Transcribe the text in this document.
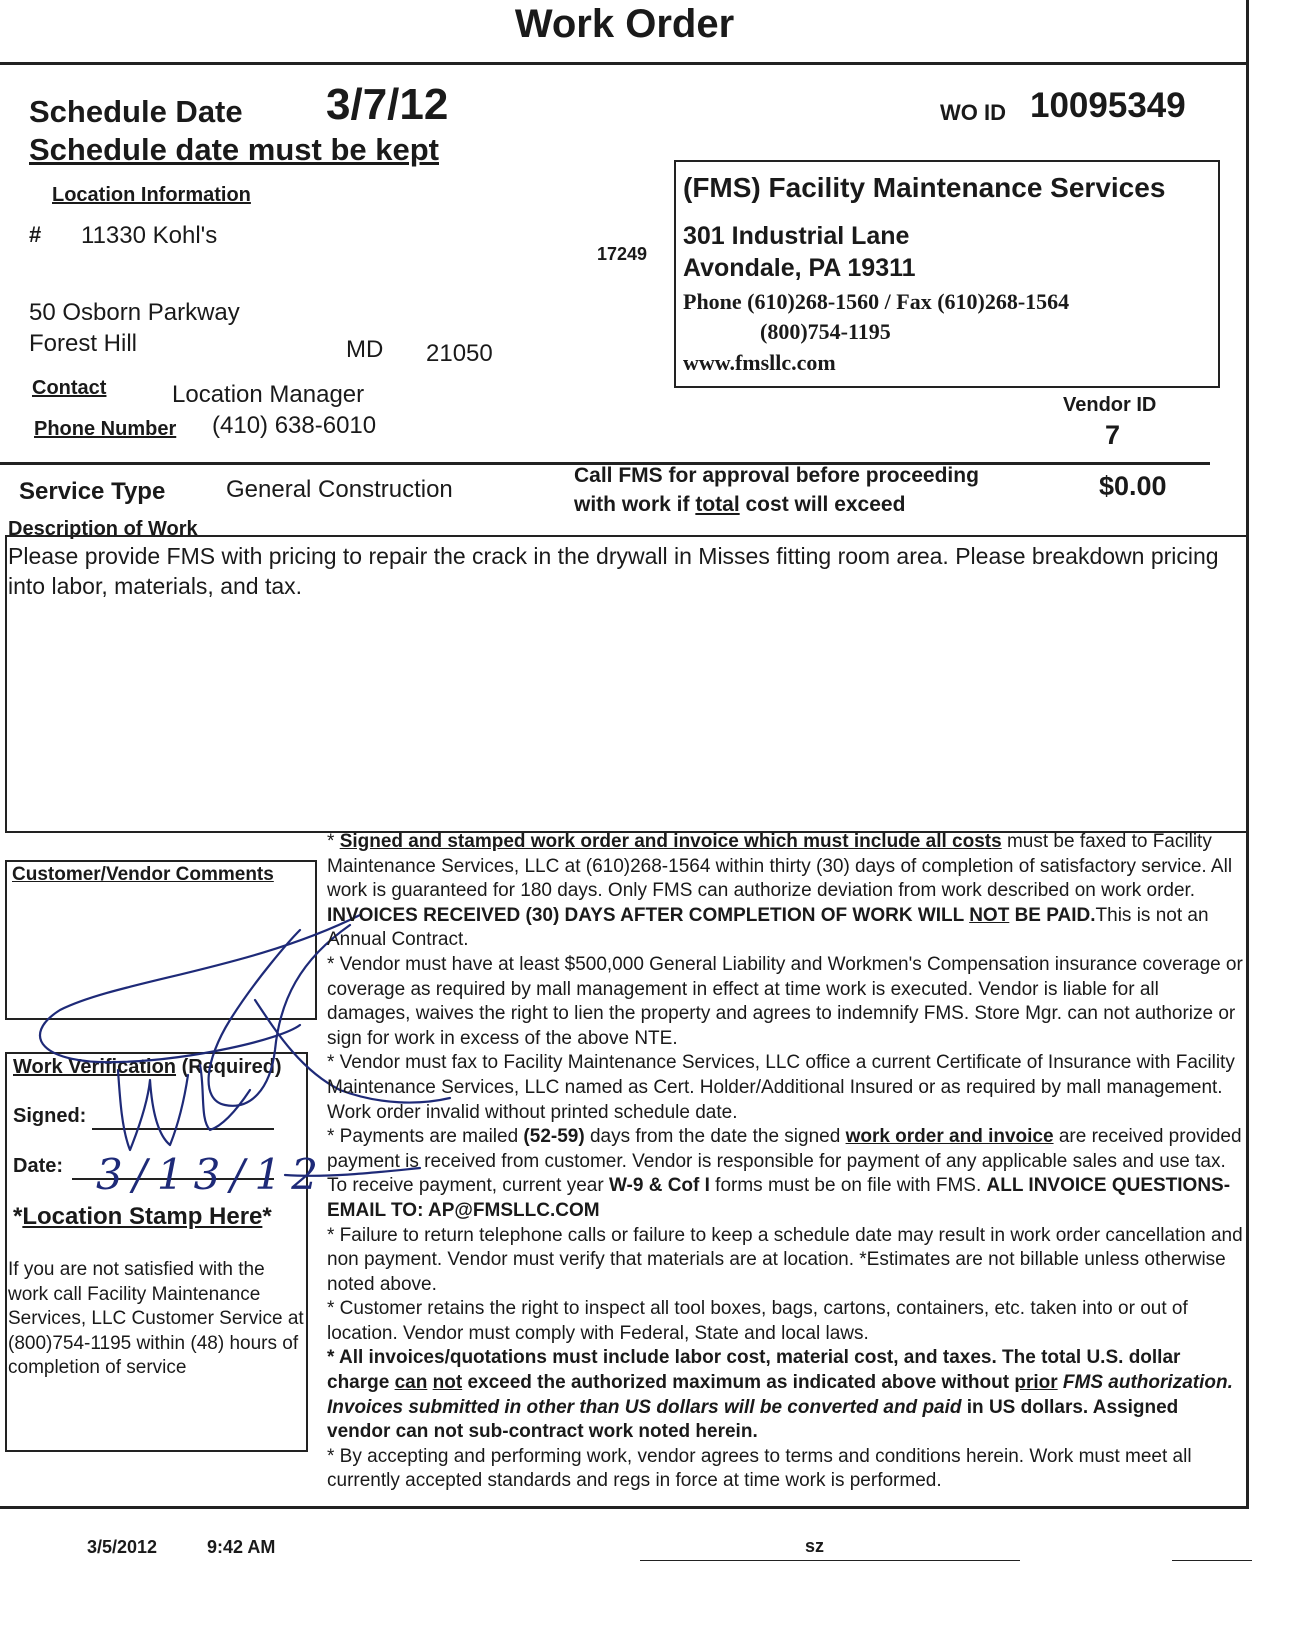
Work Order
Schedule Date 3/7/12
Schedule date must be kept
WO ID 10095349
Location Information
# 11330 Kohl's
17249
50 Osborn Parkway
Forest Hill	MD 21050
Contact	Location Manager
Phone Number (410) 638-6010
(FMS) Facility Maintenance Services
301 Industrial Lane
Avondale, PA 19311
Phone (610)268-1560 / Fax (610)268-1564
(800)754-1195
www.fmsllc.com
Vendor ID
7
Service Type	General Construction
Call FMS for approval before proceeding
with work if total cost will exceed
$0.00
Description of Work
Please provide FMS with pricing to repair the crack in the drywall in Misses fitting room area. Please breakdown pricing into labor, materials, and tax.
Customer/Vendor Comments
Work Verification (Required)
Signed:
Date:
*Location Stamp Here*
If you are not satisfied with the work call Facility Maintenance Services, LLC Customer Service at (800)754-1195 within (48) hours of completion of service
3/13/12

* Signed and stamped work order and invoice which must include all costs must be faxed to Facility Maintenance Services, LLC at (610)268-1564 within thirty (30) days of completion of satisfactory service. All work is guaranteed for 180 days. Only FMS can authorize deviation from work described on work order. INVOICES RECEIVED (30) DAYS AFTER COMPLETION OF WORK WILL NOT BE PAID.This is not an Annual Contract.

* Vendor must have at least $500,000 General Liability and Workmen's Compensation insurance coverage or coverage as required by mall management in effect at time work is executed. Vendor is liable for all damages, waives the right to lien the property and agrees to indemnify FMS. Store Mgr. can not authorize or sign for work in excess of the above NTE.

* Vendor must fax to Facility Maintenance Services, LLC office a current Certificate of Insurance with Facility Maintenance Services, LLC named as Cert. Holder/Additional Insured or as required by mall management. Work order invalid without printed schedule date.

* Payments are mailed (52-59) days from the date the signed work order and invoice are received provided payment is received from customer. Vendor is responsible for payment of any applicable sales and use tax. To receive payment, current year W-9 & Cof I forms must be on file with FMS. ALL INVOICE QUESTIONS-EMAIL TO: AP@FMSLLC.COM

* Failure to return telephone calls or failure to keep a schedule date may result in work order cancellation and non payment. Vendor must verify that materials are at location. *Estimates are not billable unless otherwise noted above.

* Customer retains the right to inspect all tool boxes, bags, cartons, containers, etc. taken into or out of location. Vendor must comply with Federal, State and local laws.

* All invoices/quotations must include labor cost, material cost, and taxes. The total U.S. dollar charge can not exceed the authorized maximum as indicated above without prior FMS authorization. Invoices submitted in other than US dollars will be converted and paid in US dollars. Assigned vendor can not sub-contract work noted herein.

* By accepting and performing work, vendor agrees to terms and conditions herein. Work must meet all currently accepted standards and regs in force at time work is performed.

3/5/2012	9:42 AM	sz
